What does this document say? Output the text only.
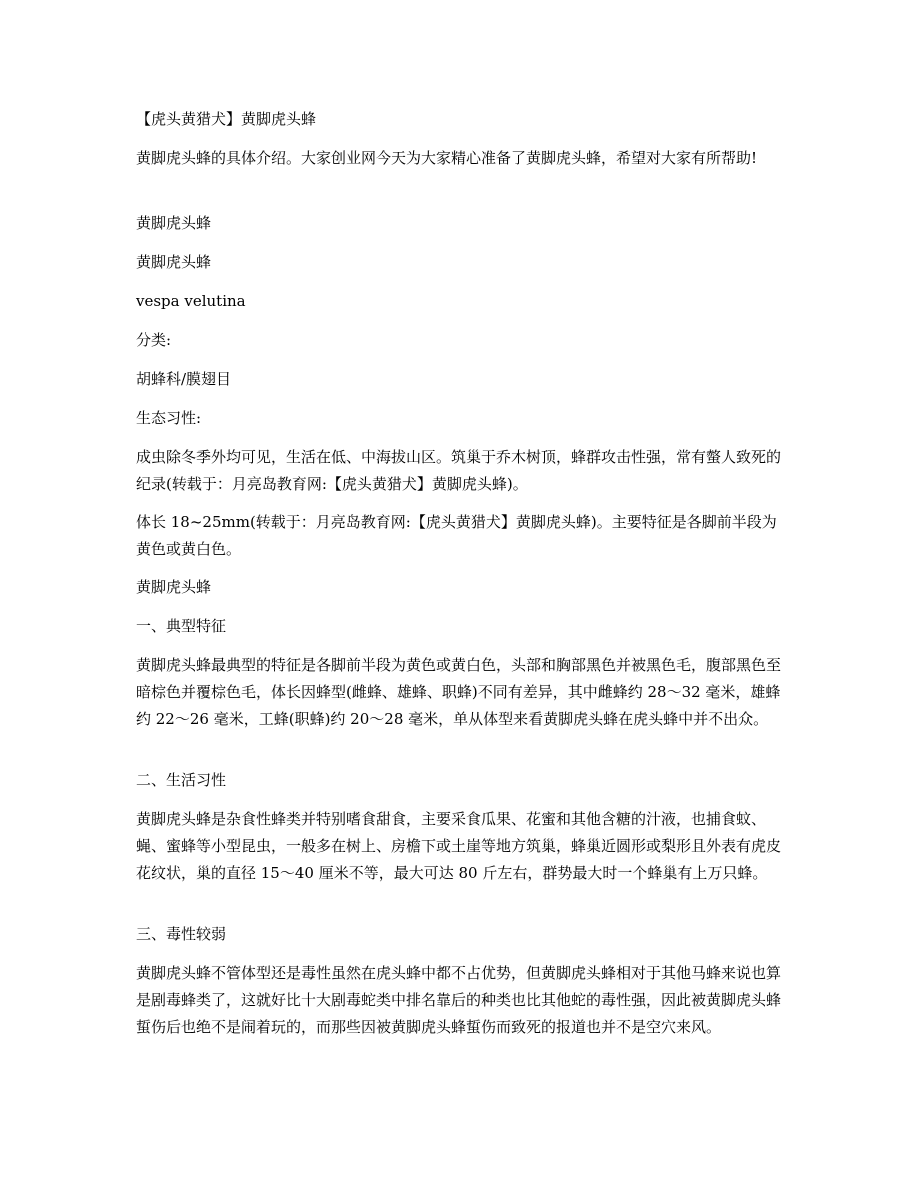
【虎头黄猎犬】黄脚虎头蜂

黄脚虎头蜂的具体介绍。大家创业网今天为大家精心准备了黄脚虎头蜂，希望对大家有所帮助!

黄脚虎头蜂

黄脚虎头蜂

vespa velutina

分类:

胡蜂科/膜翅目

生态习性:

成虫除冬季外均可见，生活在低、中海拔山区。筑巢于乔木树顶，蜂群攻击性强，常有螫人致死的纪录(转载于：月亮岛教育网:【虎头黄猎犬】黄脚虎头蜂)。

体长 18~25mm(转载于：月亮岛教育网:【虎头黄猎犬】黄脚虎头蜂)。主要特征是各脚前半段为黄色或黄白色。

黄脚虎头蜂

一、典型特征

黄脚虎头蜂最典型的特征是各脚前半段为黄色或黄白色，头部和胸部黑色并被黑色毛，腹部黑色至暗棕色并覆棕色毛，体长因蜂型(雌蜂、雄蜂、职蜂)不同有差异，其中雌蜂约 28～32 毫米，雄蜂约 22～26 毫米，工蜂(职蜂)约 20～28 毫米，单从体型来看黄脚虎头蜂在虎头蜂中并不出众。

二、生活习性

黄脚虎头蜂是杂食性蜂类并特别嗜食甜食，主要采食瓜果、花蜜和其他含糖的汁液，也捕食蚊、蝇、蜜蜂等小型昆虫，一般多在树上、房檐下或土崖等地方筑巢，蜂巢近圆形或梨形且外表有虎皮花纹状，巢的直径 15～40 厘米不等，最大可达 80 斤左右，群势最大时一个蜂巢有上万只蜂。

三、毒性较弱

黄脚虎头蜂不管体型还是毒性虽然在虎头蜂中都不占优势，但黄脚虎头蜂相对于其他马蜂来说也算是剧毒蜂类了，这就好比十大剧毒蛇类中排名靠后的种类也比其他蛇的毒性强，因此被黄脚虎头蜂蜇伤后也绝不是闹着玩的，而那些因被黄脚虎头蜂蜇伤而致死的报道也并不是空穴来风。
